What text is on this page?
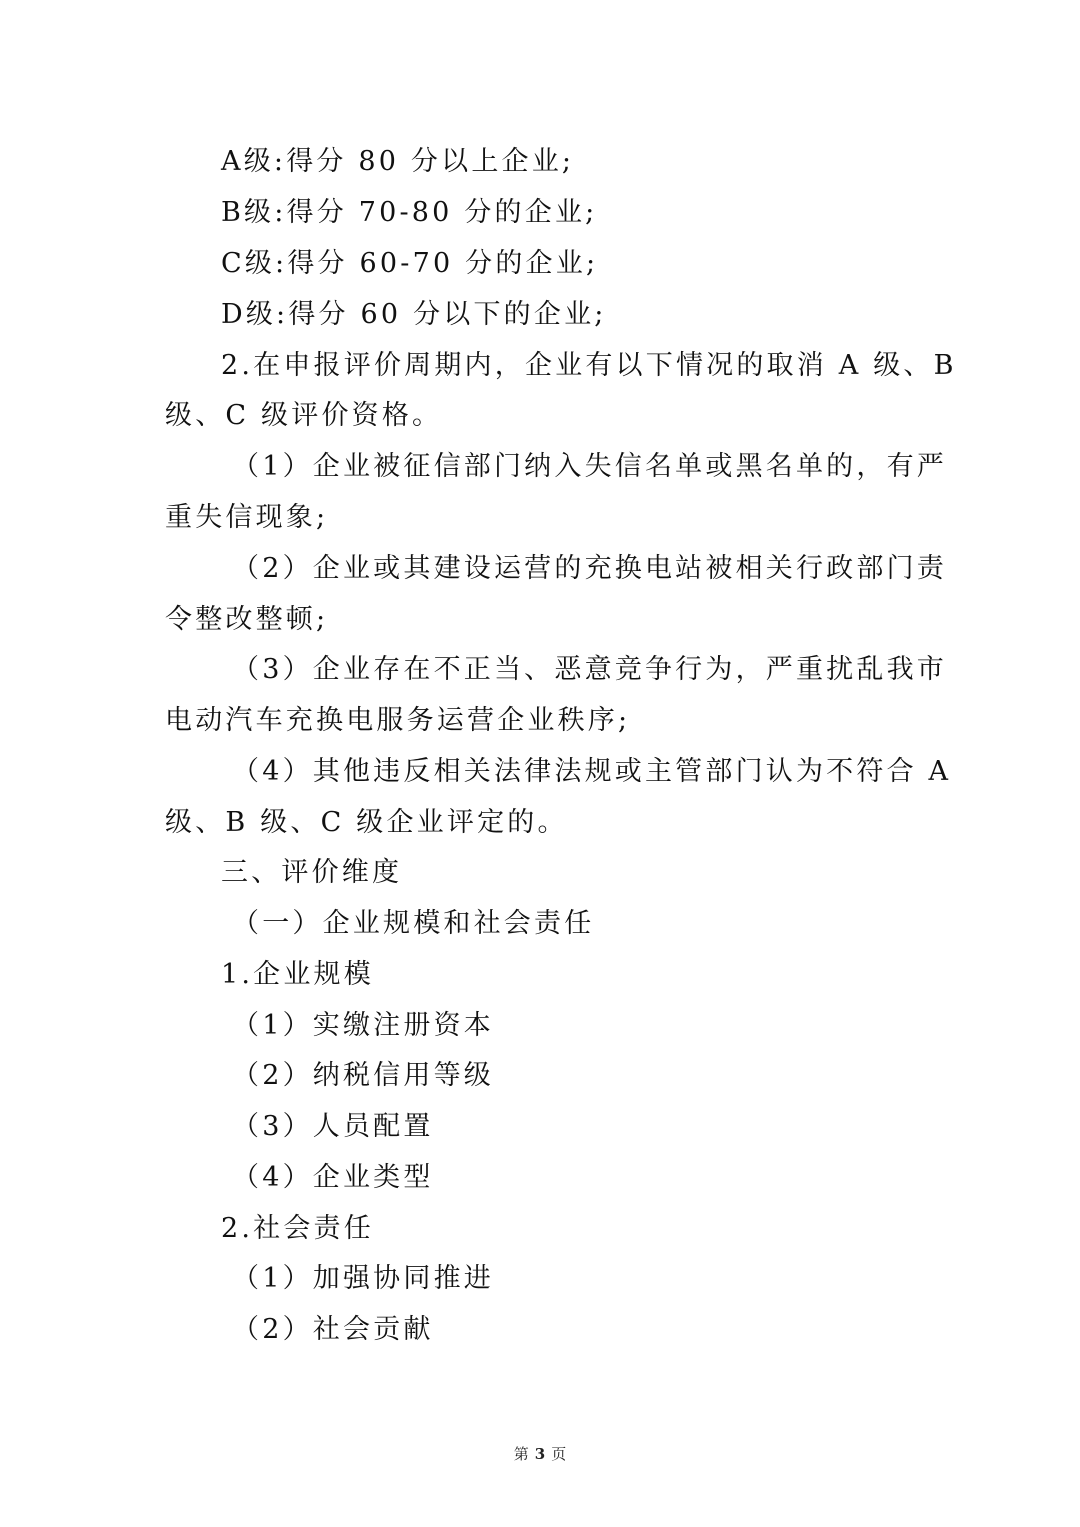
A级:得分 80 分以上企业;
B级:得分 70-80 分的企业;
C级:得分 60-70 分的企业;
D级:得分 60 分以下的企业;
2.在申报评价周期内，企业有以下情况的取消 A 级、B
级、C 级评价资格。
（1）企业被征信部门纳入失信名单或黑名单的，有严
重失信现象;
（2）企业或其建设运营的充换电站被相关行政部门责
令整改整顿;
（3）企业存在不正当、恶意竞争行为，严重扰乱我市
电动汽车充换电服务运营企业秩序;
（4）其他违反相关法律法规或主管部门认为不符合 A
级、B 级、C 级企业评定的。
三、评价维度
（一）企业规模和社会责任
1.企业规模
（1）实缴注册资本
（2）纳税信用等级
（3）人员配置
（4）企业类型
2.社会责任
（1）加强协同推进
（2）社会贡献
第 3 页
